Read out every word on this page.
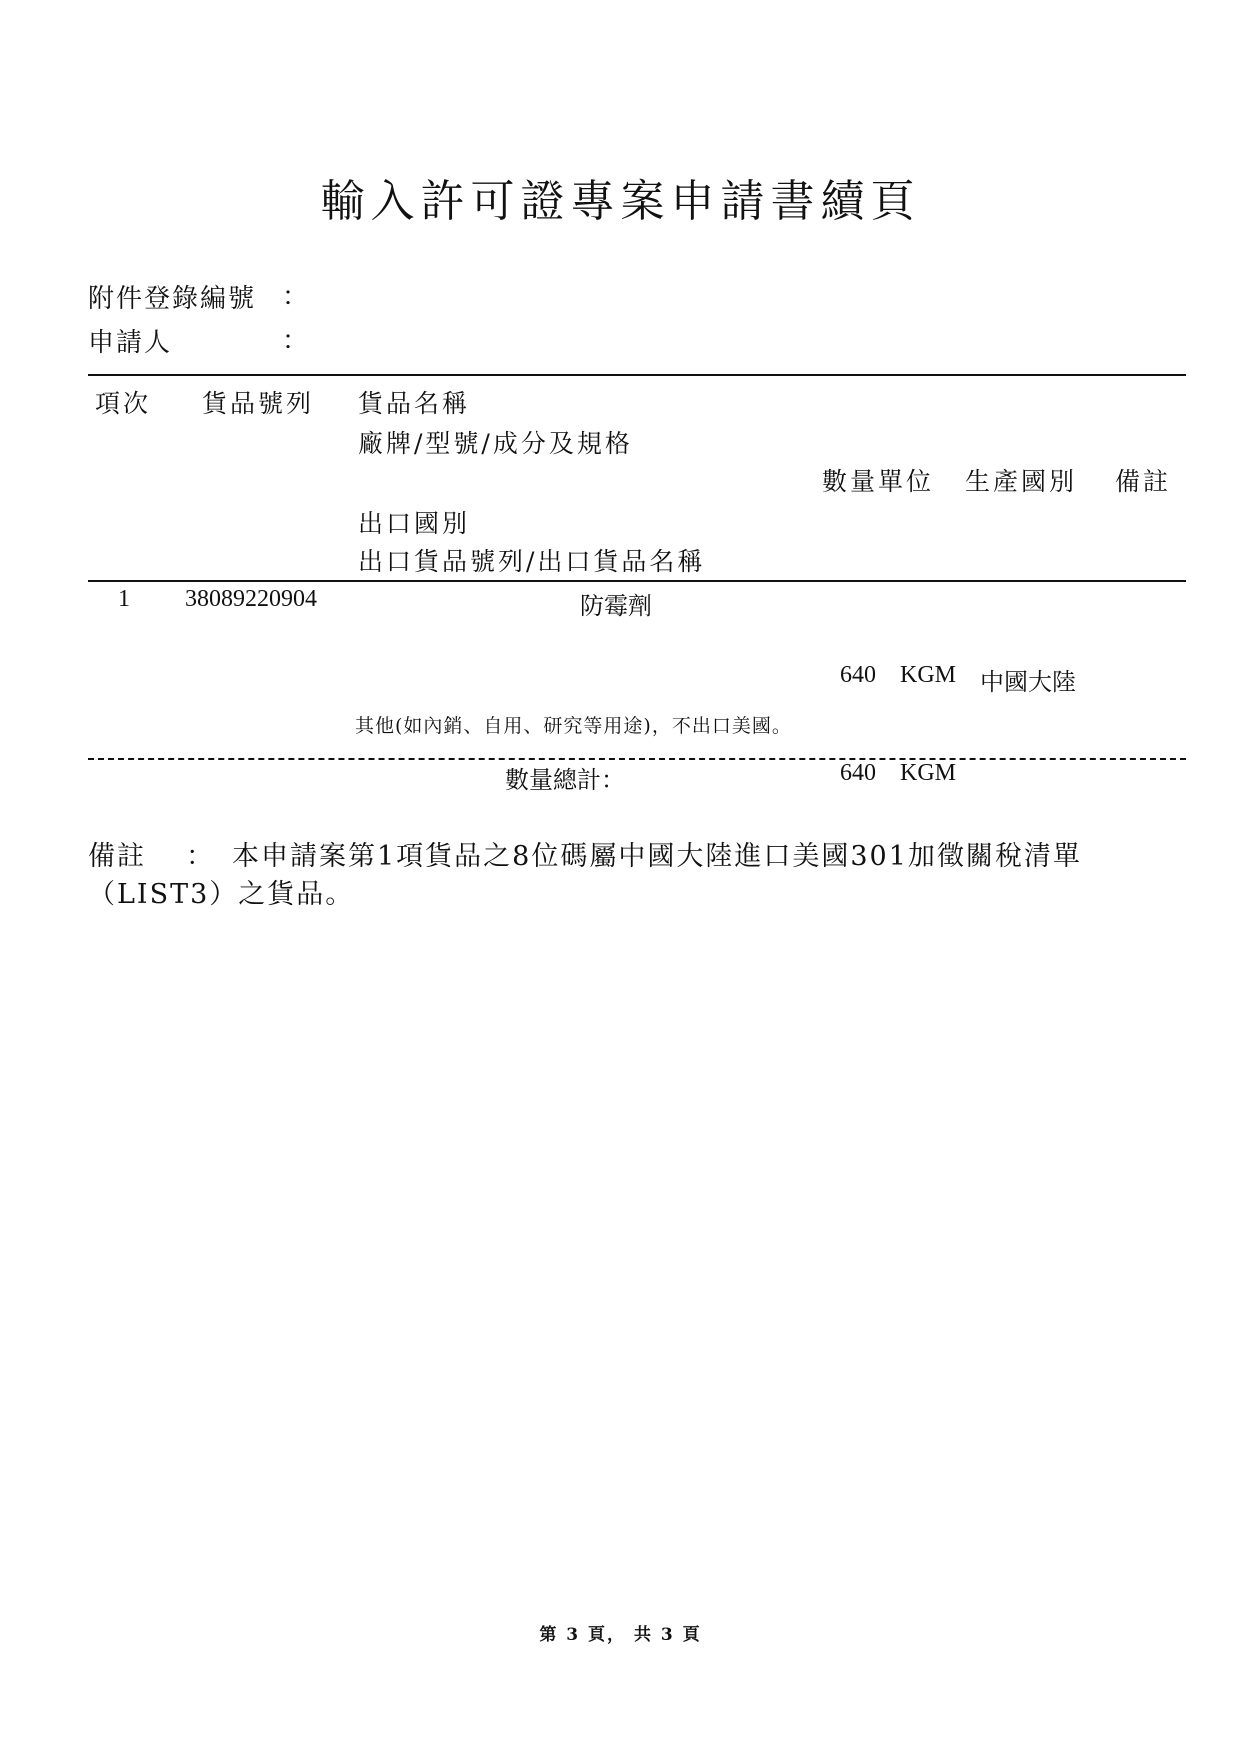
輸入許可證專案申請書續頁
附件登錄編號 ：
申請人	：
項次 貨品號列 貨品名稱
廠牌/型號/成分及規格
數量單位 生產國別 備註
出口國別
出口貨品號列/出口貨品名稱
1 38089220904	防霉劑
640 KGM 中國大陸
其他(如內銷、自用、研究等用途)，不出口美國。
數量總計：	640 KGM
備註 ： 本申請案第1項貨品之8位碼屬中國大陸進口美國301加徵關稅清單
（LIST3）之貨品。
第 3 頁， 共 3 頁
